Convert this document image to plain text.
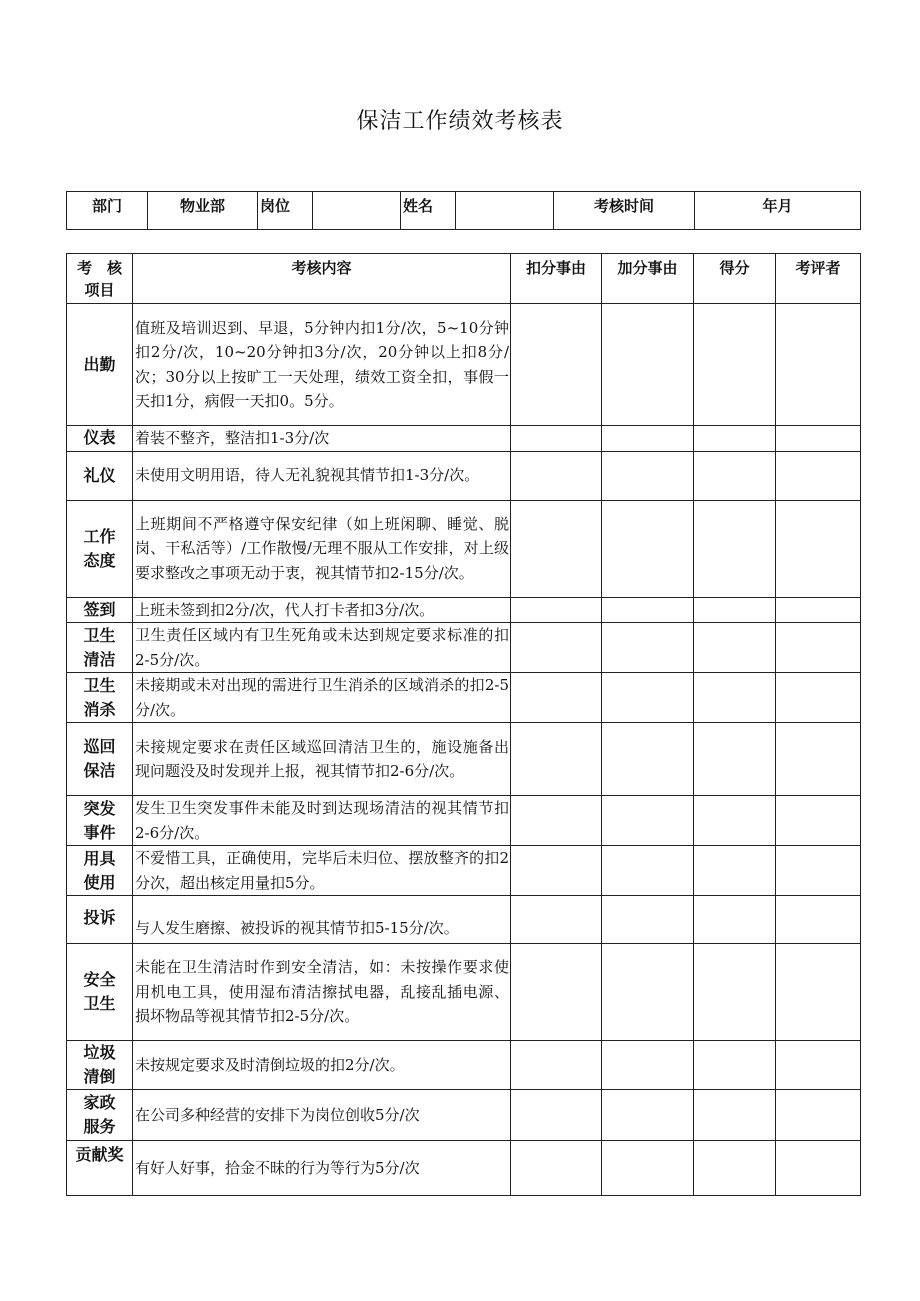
保洁工作绩效考核表
部门	物业部	岗位		姓名		考核时间	年月
考　核
项目	考核内容	扣分事由	加分事由	得分	考评者
出勤	值班及培训迟到、早退，5分钟内扣1分/次，5~10分钟扣2分/次，10~20分钟扣3分/次，20分钟以上扣8分/次；30分以上按旷工一天处理，绩效工资全扣，事假一天扣1分，病假一天扣0。5分。				
仪表	着装不整齐，整洁扣1-3分/次				
礼仪	未使用文明用语，待人无礼貌视其情节扣1-3分/次。				
工作
态度	上班期间不严格遵守保安纪律（如上班闲聊、睡觉、脱岗、干私活等）/工作散慢/无理不服从工作安排，对上级要求整改之事项无动于衷，视其情节扣2-15分/次。				
签到	上班未签到扣2分/次，代人打卡者扣3分/次。				
卫生
清洁	卫生责任区域内有卫生死角或未达到规定要求标准的扣2-5分/次。				
卫生
消杀	未接期或未对出现的需进行卫生消杀的区域消杀的扣2-5分/次。				
巡回
保洁	未接规定要求在责任区域巡回清洁卫生的，施设施备出现问题没及时发现并上报，视其情节扣2-6分/次。				
突发
事件	发生卫生突发事件未能及时到达现场清洁的视其情节扣2-6分/次。				
用具
使用	不爱惜工具，正确使用，完毕后未归位、摆放整齐的扣2分次，超出核定用量扣5分。				
投诉	与人发生磨擦、被投诉的视其情节扣5-15分/次。				
安全
卫生	未能在卫生清洁时作到安全清洁，如：未按操作要求使用机电工具，使用湿布清洁擦拭电器，乱接乱插电源、损坏物品等视其情节扣2-5分/次。				
垃圾
清倒	未按规定要求及时清倒垃圾的扣2分/次。				
家政
服务	在公司多种经营的安排下为岗位创收5分/次				
贡献奖	有好人好事，拾金不昧的行为等行为5分/次				
